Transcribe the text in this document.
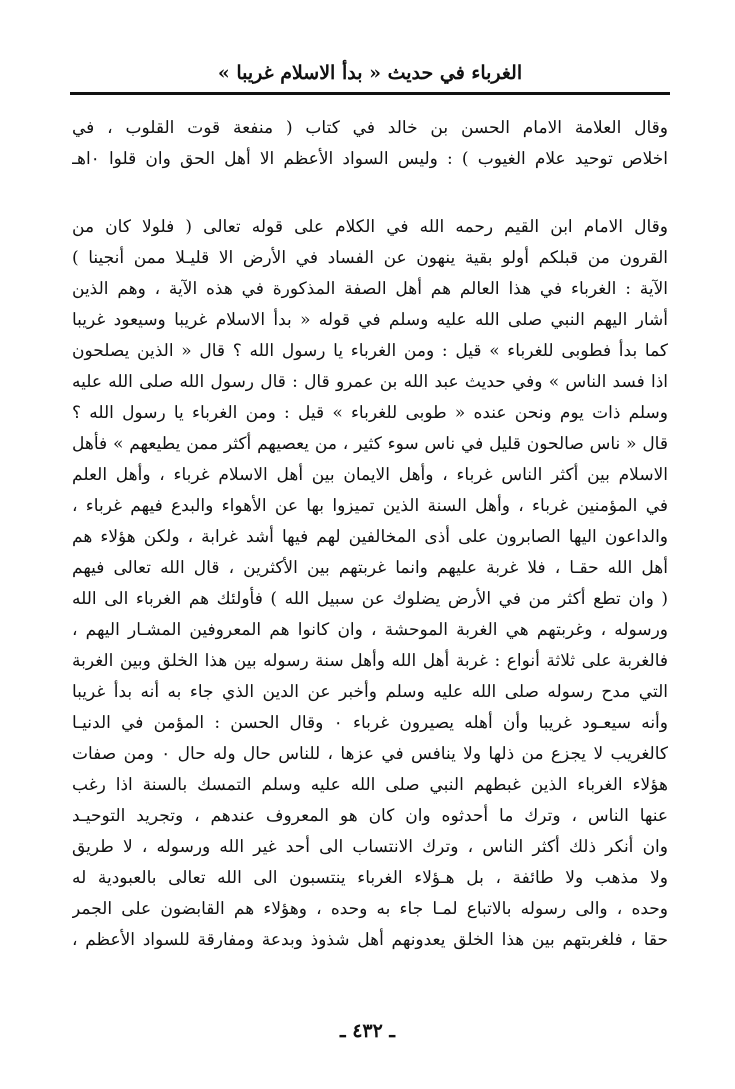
الغرباء في حديث « بدأ الاسلام غريبا »
وقال العلامة الامام الحسن بن خالد في كتاب ( منفعة قوت القلوب ، في
اخلاص توحيد علام الغيوب ) : وليس السواد الأعظم الا أهل الحق وان قلوا ٠اهـ
وقال الامام ابن القيم رحمه الله في الكلام على قوله تعالى ( فلولا كان من
القرون من قبلكم أولو بقية ينهون عن الفساد في الأرض الا قليـلا ممن أنجينا )
الآية : الغرباء في هذا العالم هم أهل الصفة المذكورة في هذه الآية ، وهم الذين
أشار اليهم النبي صلى الله عليه وسلم في قوله « بدأ الاسلام غريبا وسيعود غريبا
كما بدأ فطوبى للغرباء » قيل : ومن الغرباء يا رسول الله ؟ قال « الذين يصلحون
اذا فسد الناس » وفي حديث عبد الله بن عمرو قال : قال رسول الله صلى الله عليه
وسلم ذات يوم ونحن عنده « طوبى للغرباء » قيل : ومن الغرباء يا رسول الله ؟
قال « ناس صالحون قليل في ناس سوء كثير ، من يعصيهم أكثر ممن يطيعهم » فأهل
الاسلام بين أكثر الناس غرباء ، وأهل الايمان بين أهل الاسلام غرباء ، وأهل العلم
في المؤمنين غرباء ، وأهل السنة الذين تميزوا بها عن الأهواء والبدع فيهم غرباء ،
والداعون اليها الصابرون على أذى المخالفين لهم فيها أشد غرابة ، ولكن هؤلاء هم
أهل الله حقـا ، فلا غربة عليهم وانما غربتهم بين الأكثرين ، قال الله تعالى فيهم
( وان تطع أكثر من في الأرض يضلوك عن سبيل الله ) فأولئك هم الغرباء الى الله
ورسوله ، وغربتهم هي الغربة الموحشة ، وان كانوا هم المعروفين المشـار اليهم ،
فالغربة على ثلاثة أنواع : غربة أهل الله وأهل سنة رسوله بين هذا الخلق وبين الغربة
التي مدح رسوله صلى الله عليه وسلم وأخبر عن الدين الذي جاء به أنه بدأ غريبا
وأنه سيعـود غريبا وأن أهله يصيرون غرباء ٠ وقال الحسن : المؤمن في الدنيـا
كالغريب لا يجزع من ذلها ولا ينافس في عزها ، للناس حال وله حال ٠ ومن صفات
هؤلاء الغرباء الذين غبطهم النبي صلى الله عليه وسلم التمسك بالسنة اذا رغب
عنها الناس ، وترك ما أحدثوه وان كان هو المعروف عندهم ، وتجريد التوحيـد
وان أنكر ذلك أكثر الناس ، وترك الانتساب الى أحد غير الله ورسوله ، لا طريق
ولا مذهب ولا طائفة ، بل هـؤلاء الغرباء ينتسبون الى الله تعالى بالعبودية له
وحده ، والى رسوله بالاتباع لمـا جاء به وحده ، وهؤلاء هم القابضون على الجمر
حقا ، فلغربتهم بين هذا الخلق يعدونهم أهل شذوذ وبدعة ومفارقة للسواد الأعظم ،
ـ ٤٣٢ ـ
